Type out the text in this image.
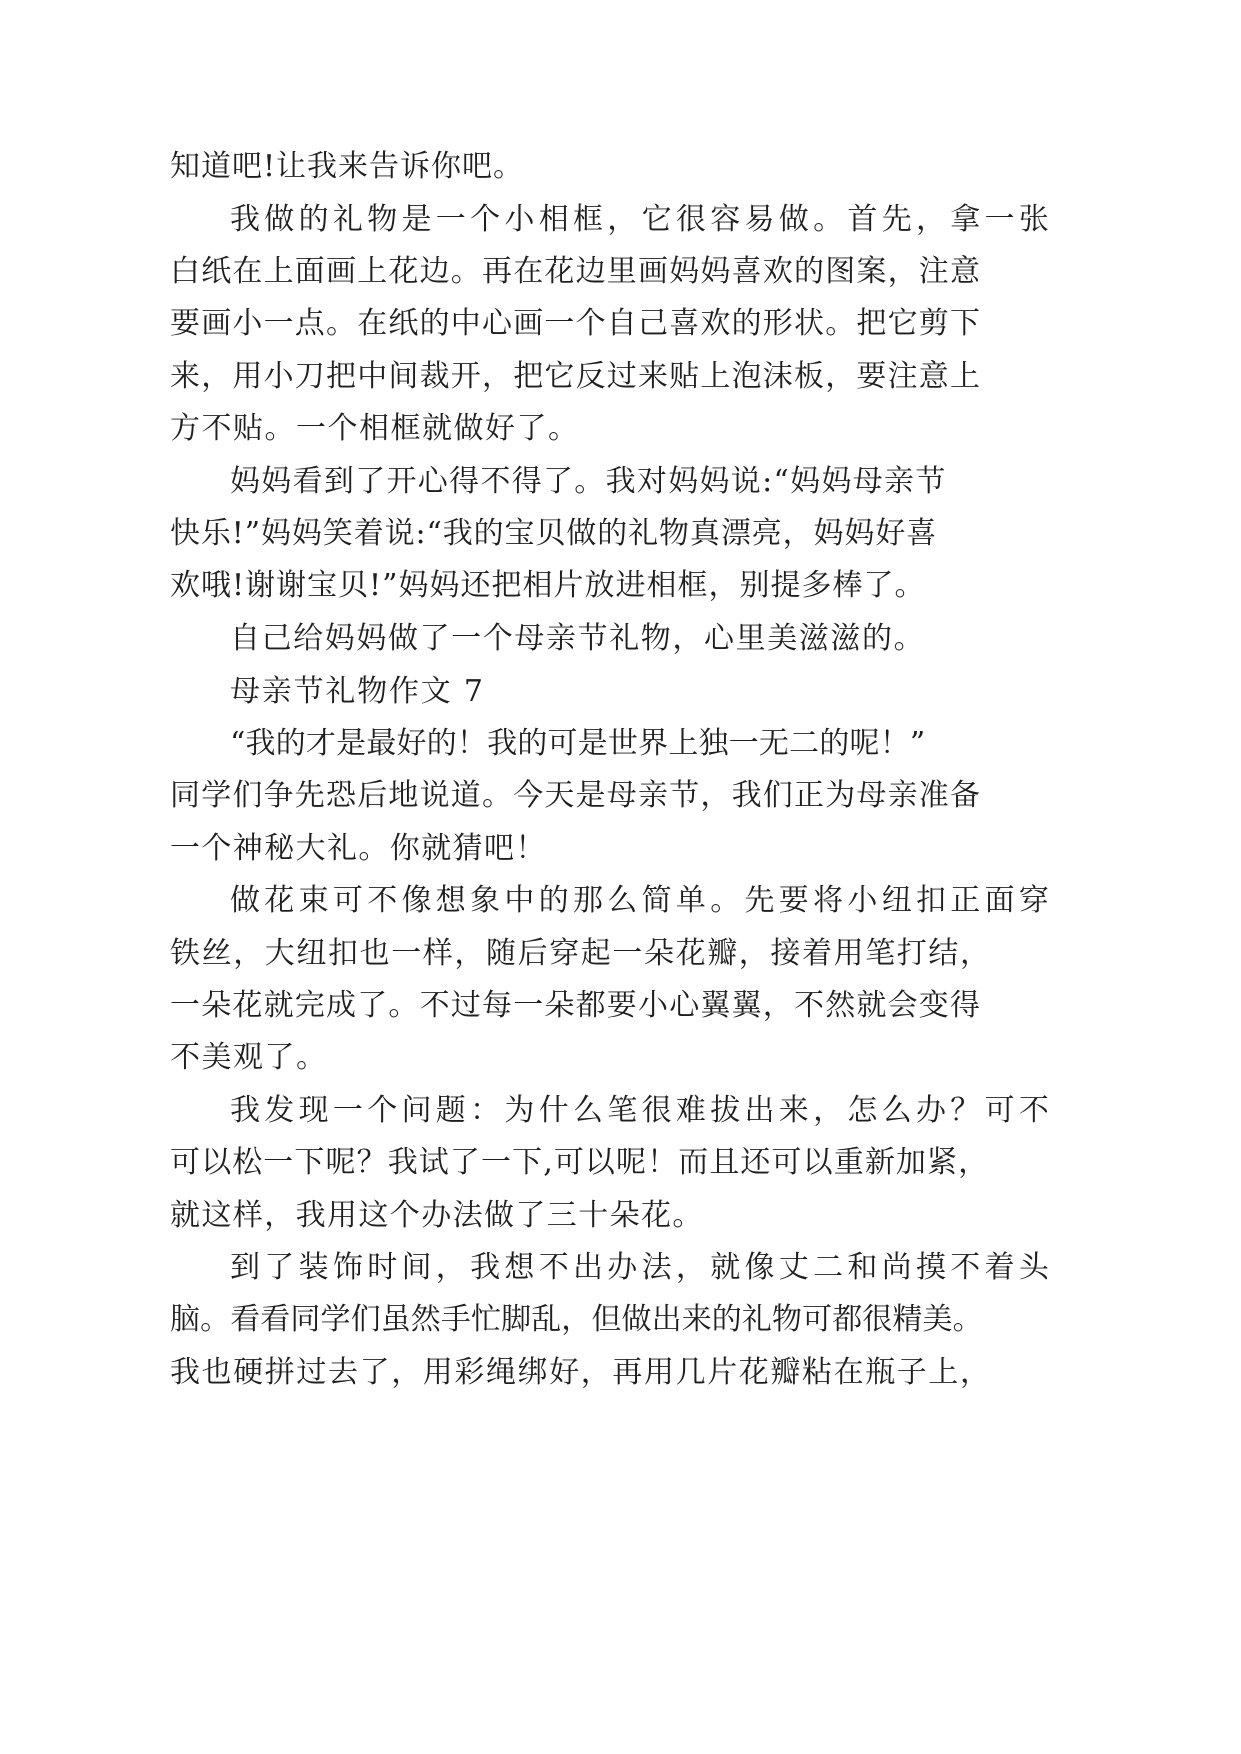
知道吧!让我来告诉你吧。
我做的礼物是一个小相框，它很容易做。首先，拿一张
白纸在上面画上花边。再在花边里画妈妈喜欢的图案，注意
要画小一点。在纸的中心画一个自己喜欢的形状。把它剪下
来，用小刀把中间裁开，把它反过来贴上泡沫板，要注意上
方不贴。一个相框就做好了。
妈妈看到了开心得不得了。我对妈妈说:“妈妈母亲节
快乐!”妈妈笑着说:“我的宝贝做的礼物真漂亮，妈妈好喜
欢哦!谢谢宝贝!”妈妈还把相片放进相框，别提多棒了。
自己给妈妈做了一个母亲节礼物，心里美滋滋的。
母亲节礼物作文 7
“我的才是最好的！我的可是世界上独一无二的呢！”
同学们争先恐后地说道。今天是母亲节，我们正为母亲准备
一个神秘大礼。你就猜吧！
做花束可不像想象中的那么简单。先要将小纽扣正面穿
铁丝，大纽扣也一样，随后穿起一朵花瓣，接着用笔打结，
一朵花就完成了。不过每一朵都要小心翼翼，不然就会变得
不美观了。
我发现一个问题：为什么笔很难拔出来，怎么办？可不
可以松一下呢？我试了一下,可以呢！而且还可以重新加紧，
就这样，我用这个办法做了三十朵花。
到了装饰时间，我想不出办法，就像丈二和尚摸不着头
脑。看看同学们虽然手忙脚乱，但做出来的礼物可都很精美。
我也硬拼过去了，用彩绳绑好，再用几片花瓣粘在瓶子上，
